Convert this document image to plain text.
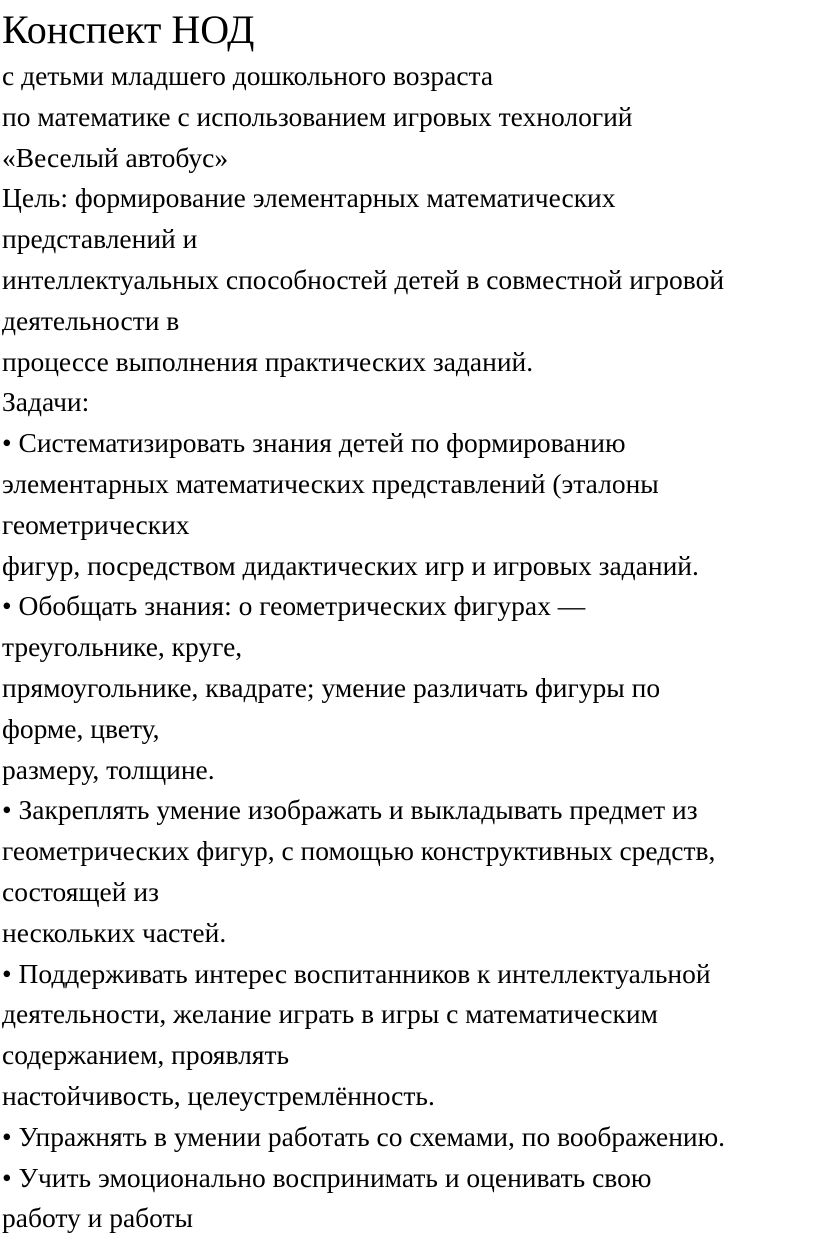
Конспект НОД
с детьми младшего дошкольного возраста
по математике с использованием игровых технологий
«Веселый автобус»
Цель: формирование элементарных математических
представлений и
интеллектуальных способностей детей в совместной игровой
деятельности в
процессе выполнения практических заданий.
Задачи:
• Систематизировать знания детей по формированию
элементарных математических представлений (эталоны
геометрических
фигур, посредством дидактических игр и игровых заданий.
• Обобщать знания: о геометрических фигурах —
треугольнике, круге,
прямоугольнике, квадрате; умение различать фигуры по
форме, цвету,
размеру, толщине.
• Закреплять умение изображать и выкладывать предмет из
геометрических фигур, с помощью конструктивных средств,
состоящей из
нескольких частей.
• Поддерживать интерес воспитанников к интеллектуальной
деятельности, желание играть в игры с математическим
содержанием, проявлять
настойчивость, целеустремлённость.
• Упражнять в умении работать со схемами, по воображению.
• Учить эмоционально воспринимать и оценивать свою
работу и работы
